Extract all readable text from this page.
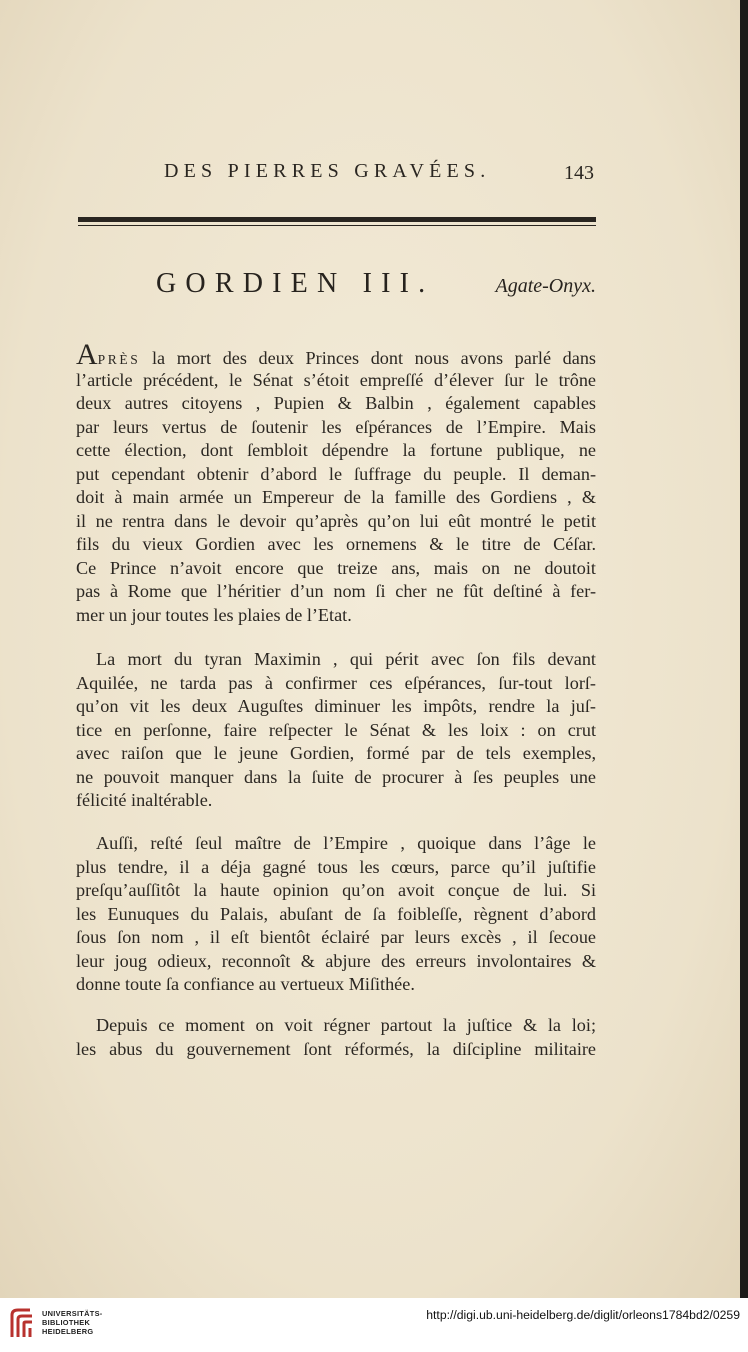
DES PIERRES GRAVÉES.	143
GORDIEN III.	Agate-Onyx.
APRÈS la mort des deux Princes dont nous avons parlé dans
l’article précédent, le Sénat s’étoit empreſſé d’élever ſur le trône
deux autres citoyens , Pupien & Balbin , également capables
par leurs vertus de ſoutenir les eſpérances de l’Empire. Mais
cette élection, dont ſembloit dépendre la fortune publique, ne
put cependant obtenir d’abord le ſuffrage du peuple. Il deman-
doit à main armée un Empereur de la famille des Gordiens , &
il ne rentra dans le devoir qu’après qu’on lui eût montré le petit
fils du vieux Gordien avec les ornemens & le titre de Céſar.
Ce Prince n’avoit encore que treize ans, mais on ne doutoit
pas à Rome que l’héritier d’un nom ſi cher ne fût deſtiné à fer-
mer un jour toutes les plaies de l’Etat.
La mort du tyran Maximin , qui périt avec ſon fils devant
Aquilée, ne tarda pas à confirmer ces eſpérances, ſur-tout lorſ-
qu’on vit les deux Auguſtes diminuer les impôts, rendre la juſ-
tice en perſonne, faire reſpecter le Sénat & les loix : on crut
avec raiſon que le jeune Gordien, formé par de tels exemples,
ne pouvoit manquer dans la ſuite de procurer à ſes peuples une
félicité inaltérable.
Auſſi, reſté ſeul maître de l’Empire , quoique dans l’âge le
plus tendre, il a déja gagné tous les cœurs, parce qu’il juſtifie
preſqu’auſſitôt la haute opinion qu’on avoit conçue de lui. Si
les Eunuques du Palais, abuſant de ſa foibleſſe, règnent d’abord
ſous ſon nom , il eſt bientôt éclairé par leurs excès , il ſecoue
leur joug odieux, reconnoît & abjure des erreurs involontaires &
donne toute ſa confiance au vertueux Miſithée.
Depuis ce moment on voit régner partout la juſtice & la loi;
les abus du gouvernement ſont réformés, la diſcipline militaire
UNIVERSITÄTS-
BIBLIOTHEK
HEIDELBERG
http://digi.ub.uni-heidelberg.de/diglit/orleons1784bd2/0259
